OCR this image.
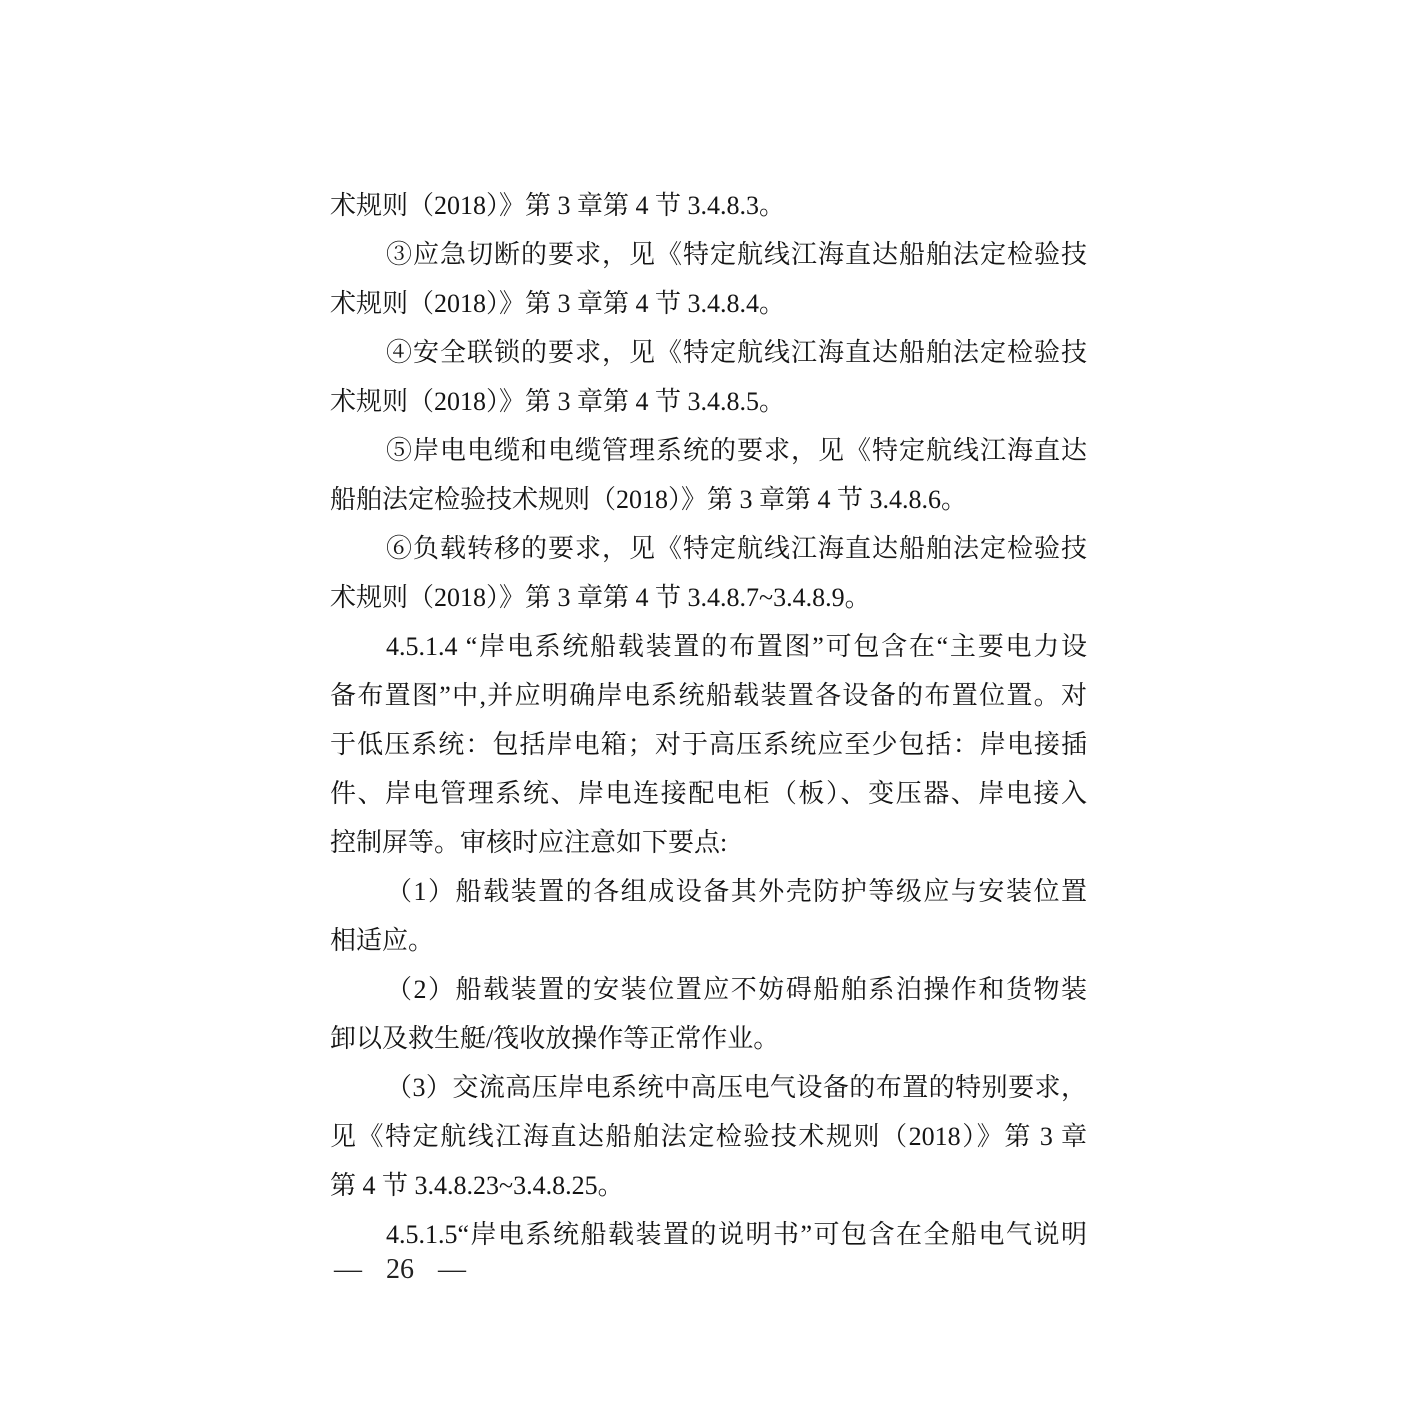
术规则（2018）》第 3 章第 4 节 3.4.8.3。
③应急切断的要求，见《特定航线江海直达船舶法定检验技
术规则（2018）》第 3 章第 4 节 3.4.8.4。
④安全联锁的要求，见《特定航线江海直达船舶法定检验技
术规则（2018）》第 3 章第 4 节 3.4.8.5。
⑤岸电电缆和电缆管理系统的要求，见《特定航线江海直达
船舶法定检验技术规则（2018）》第 3 章第 4 节 3.4.8.6。
⑥负载转移的要求，见《特定航线江海直达船舶法定检验技
术规则（2018）》第 3 章第 4 节 3.4.8.7~3.4.8.9。
4.5.1.4 “岸电系统船载装置的布置图”可包含在“主要电力设
备布置图”中,并应明确岸电系统船载装置各设备的布置位置。对
于低压系统：包括岸电箱；对于高压系统应至少包括：岸电接插
件、岸电管理系统、岸电连接配电柜（板）、变压器、岸电接入
控制屏等。审核时应注意如下要点:
（1）船载装置的各组成设备其外壳防护等级应与安装位置
相适应。
（2）船载装置的安装位置应不妨碍船舶系泊操作和货物装
卸以及救生艇/筏收放操作等正常作业。
（3）交流高压岸电系统中高压电气设备的布置的特别要求，
见《特定航线江海直达船舶法定检验技术规则（2018）》第 3 章
第 4 节 3.4.8.23~3.4.8.25。
4.5.1.5“岸电系统船载装置的说明书”可包含在全船电气说明
— 26 —
